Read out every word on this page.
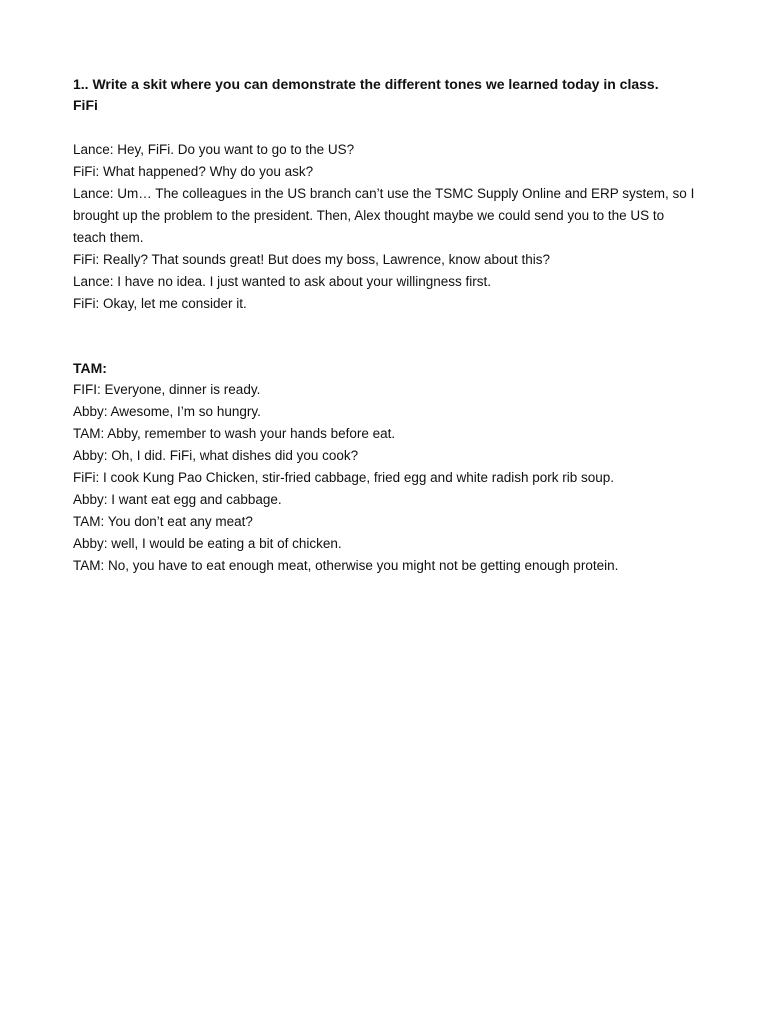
1.. Write a skit where you can demonstrate the different tones we learned today in class.

FiFi

Lance: Hey, FiFi. Do you want to go to the US?

FiFi: What happened? Why do you ask?

Lance: Um… The colleagues in the US branch can’t use the TSMC Supply Online and ERP system, so I brought up the problem to the president. Then, Alex thought maybe we could send you to the US to teach them.

FiFi: Really? That sounds great! But does my boss, Lawrence, know about this?

Lance: I have no idea. I just wanted to ask about your willingness first.

FiFi: Okay, let me consider it.

TAM:

FIFI: Everyone, dinner is ready.

Abby: Awesome, I’m so hungry.

TAM: Abby, remember to wash your hands before eat.

Abby: Oh, I did. FiFi, what dishes did you cook?

FiFi: I cook Kung Pao Chicken, stir-fried cabbage, fried egg and white radish pork rib soup.

Abby: I want eat egg and cabbage.

TAM: You don’t eat any meat?

Abby: well, I would be eating a bit of chicken.

TAM: No, you have to eat enough meat, otherwise you might not be getting enough protein.
